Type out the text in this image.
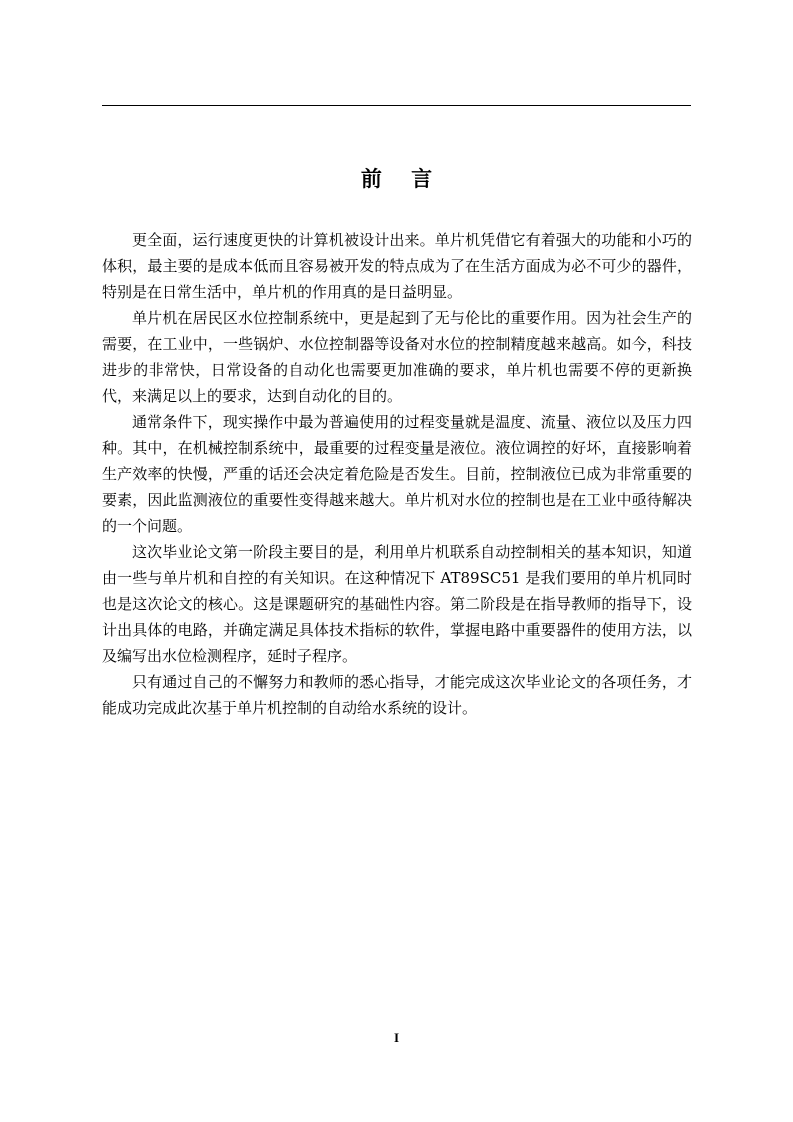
前    言

更全面，运行速度更快的计算机被设计出来。单片机凭借它有着强大的功能和小巧的体积，最主要的是成本低而且容易被开发的特点成为了在生活方面成为必不可少的器件，特别是在日常生活中，单片机的作用真的是日益明显。

单片机在居民区水位控制系统中，更是起到了无与伦比的重要作用。因为社会生产的需要，在工业中，一些锅炉、水位控制器等设备对水位的控制精度越来越高。如今，科技进步的非常快，日常设备的自动化也需要更加准确的要求，单片机也需要不停的更新换代，来满足以上的要求，达到自动化的目的。

通常条件下，现实操作中最为普遍使用的过程变量就是温度、流量、液位以及压力四种。其中，在机械控制系统中，最重要的过程变量是液位。液位调控的好坏，直接影响着生产效率的快慢，严重的话还会决定着危险是否发生。目前，控制液位已成为非常重要的要素，因此监测液位的重要性变得越来越大。单片机对水位的控制也是在工业中亟待解决的一个问题。

这次毕业论文第一阶段主要目的是，利用单片机联系自动控制相关的基本知识，知道由一些与单片机和自控的有关知识。在这种情况下 AT89SC51 是我们要用的单片机同时也是这次论文的核心。这是课题研究的基础性内容。第二阶段是在指导教师的指导下，设计出具体的电路，并确定满足具体技术指标的软件，掌握电路中重要器件的使用方法，以及编写出水位检测程序，延时子程序。

只有通过自己的不懈努力和教师的悉心指导，才能完成这次毕业论文的各项任务，才能成功完成此次基于单片机控制的自动给水系统的设计。

I
